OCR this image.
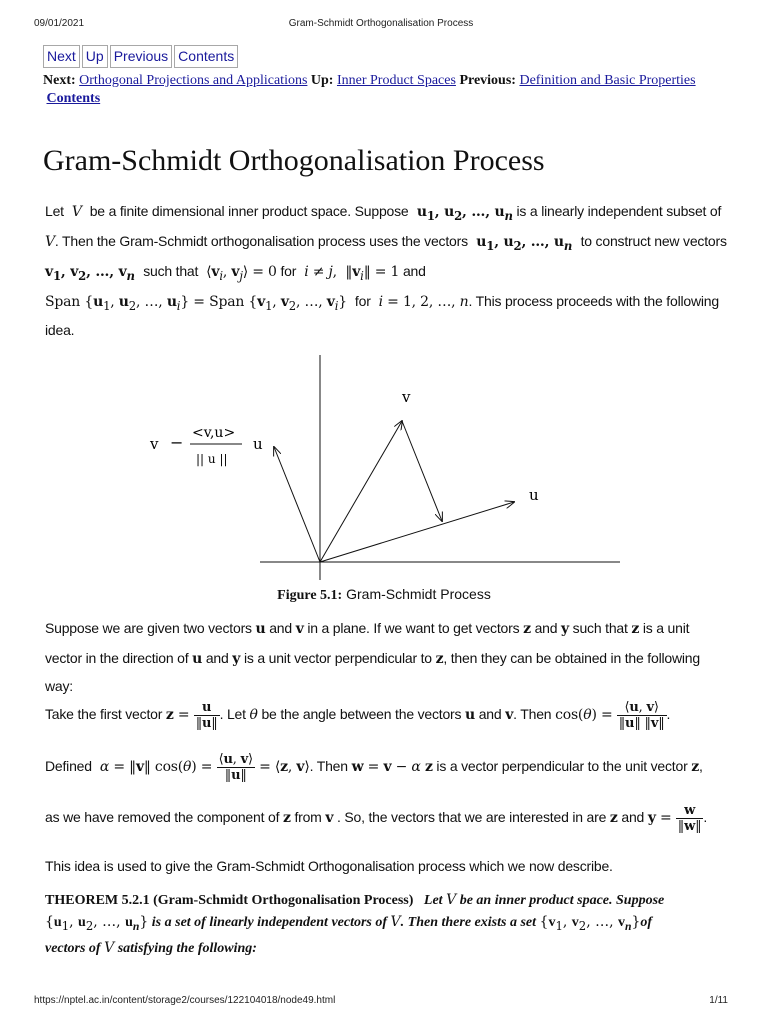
09/01/2021	Gram-Schmidt Orthogonalisation Process
Next Up Previous Contents
Next: Orthogonal Projections and Applications Up: Inner Product Spaces Previous: Definition and Basic Properties  Contents
Gram-Schmidt Orthogonalisation Process
Let  V  be a finite dimensional inner product space. Suppose  $u_1$, $u_2$, …, $u_n$ is a linearly independent subset of
V. Then the Gram-Schmidt orthogonalisation process uses the vectors  $u_1$, $u_2$, …, $u_n$ to construct new vectors
$v_1$, $v_2$, …, $v_n$ such that  $⟨v_i$, $v_j⟩ = 0$ for i ≠ j,  $‖v_i‖ = 1$ and
Span {$u_1$, $u_2$, …, $u_i$} = Span {$v_1$, $v_2$, …, $v_i$}  for i = 1, 2, …, n. This process proceeds with the following
idea.
v
u
v − <v,u>
|| u ||
u
Figure 5.1: Gram-Schmidt Process
Suppose we are given two vectors u and v in a plane. If we want to get vectors z and y such that z is a unit
vector in the direction of u and y is a unit vector perpendicular to z, then they can be obtained in the following
way:
Take the first vector $z = \frac{u}{‖u‖}$ . Let θ be the angle between the vectors u and v. Then $\cos(\theta) = \frac{⟨u, v⟩}{‖u‖ ‖v‖}$ .
Defined α = ‖v‖ $\cos(\theta) = \frac{⟨u, v⟩}{‖u‖}$ = ⟨z, v⟩. Then w = v − α z is a vector perpendicular to the unit vector z,
as we have removed the component of z from v . So, the vectors that we are interested in are z and $y = \frac{w}{‖w‖}$ .
This idea is used to give the Gram-Schmidt Orthogonalisation process which we now describe.
THEOREM 5.2.1 (Gram-Schmidt Orthogonalisation Process) Let V be an inner product space. Suppose
{$u_1$, $u_2$, …, $u_n$} is a set of linearly independent vectors of V. Then there exists a set {$v_1$, $v_2$, …, $v_n\}of$
vectors of V satisfying the following:
https://nptel.ac.in/content/storage2/courses/122104018/node49.html	1/11
